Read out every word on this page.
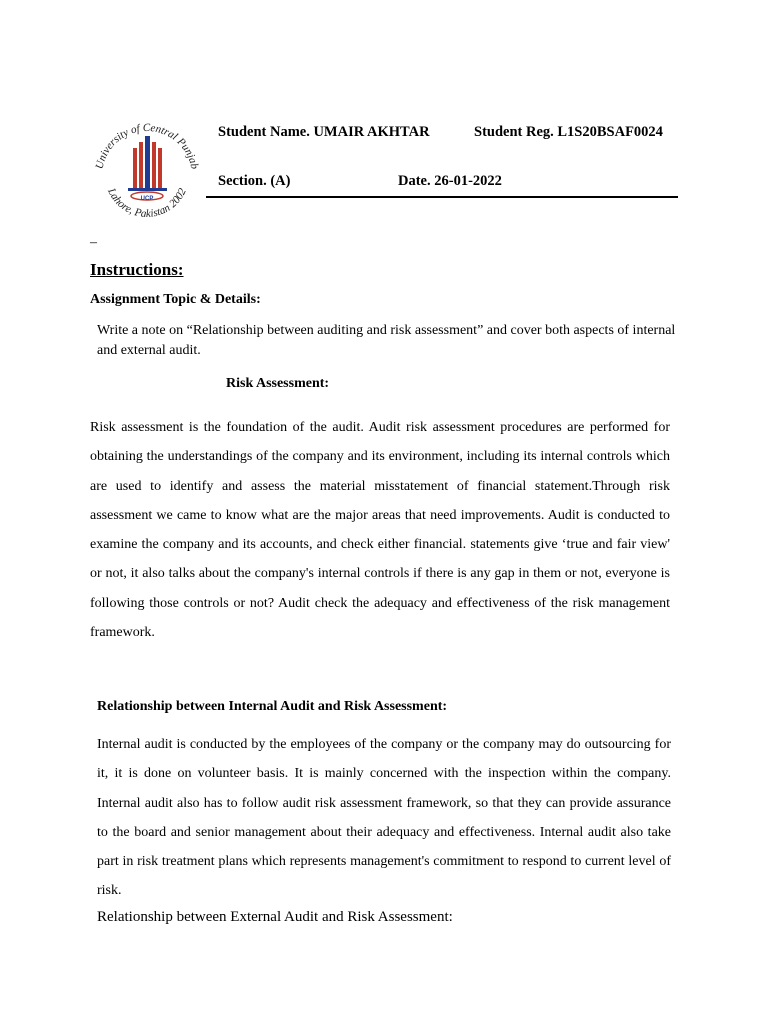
University of Central Punjab
Lahore, Pakistan 2002
UCP
Student Name. UMAIR AKHTAR	Student Reg. L1S20BSAF0024
Section. (A)	Date. 26-01-2022
–
Instructions:
Assignment Topic & Details:
Write a note on “Relationship between auditing and risk assessment” and cover both aspects of internal and external audit.
Risk Assessment:
Risk assessment is the foundation of the audit. Audit risk assessment procedures are performed for obtaining the understandings of the company and its environment, including its internal controls which are used to identify and assess the material misstatement of financial statement.Through risk assessment we came to know what are the major areas that need improvements. Audit is conducted to examine the company and its accounts, and check either financial. statements give ‘true and fair view' or not, it also talks about the company's internal controls if there is any gap in them or not, everyone is following those controls or not? Audit check the adequacy and effectiveness of the risk management framework.
Relationship between Internal Audit and Risk Assessment:
Internal audit is conducted by the employees of the company or the company may do outsourcing for it, it is done on volunteer basis. It is mainly concerned with the inspection within the company. Internal audit also has to follow audit risk assessment framework, so that they can provide assurance to the board and senior management about their adequacy and effectiveness. Internal audit also take part in risk treatment plans which represents management's commitment to respond to current level of risk.
Relationship between External Audit and Risk Assessment:
